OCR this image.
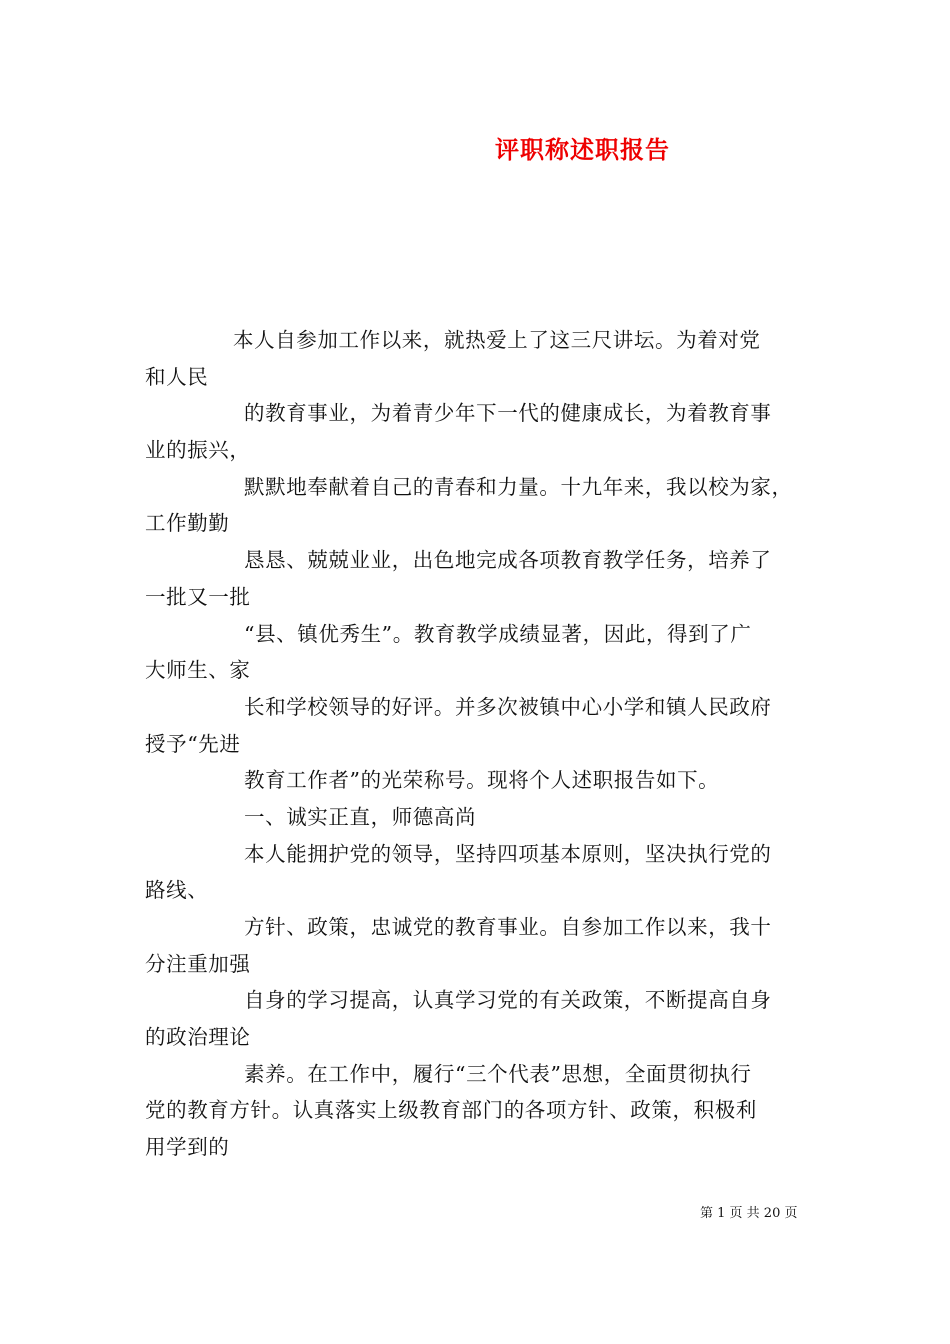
评职称述职报告
本人自参加工作以来，就热爱上了这三尺讲坛。为着对党
和人民
的教育事业，为着青少年下一代的健康成长，为着教育事
业的振兴，
默默地奉献着自己的青春和力量。十九年来，我以校为家，
工作勤勤
恳恳、兢兢业业，出色地完成各项教育教学任务，培养了
一批又一批
“县、镇优秀生”。教育教学成绩显著，因此，得到了广
大师生、家
长和学校领导的好评。并多次被镇中心小学和镇人民政府
授予“先进
教育工作者”的光荣称号。现将个人述职报告如下。
一、诚实正直，师德高尚
本人能拥护党的领导，坚持四项基本原则，坚决执行党的
路线、
方针、政策，忠诚党的教育事业。自参加工作以来，我十
分注重加强
自身的学习提高，认真学习党的有关政策，不断提高自身
的政治理论
素养。在工作中，履行“三个代表”思想，全面贯彻执行
党的教育方针。认真落实上级教育部门的各项方针、政策，积极利
用学到的
第 1 页 共 20 页
